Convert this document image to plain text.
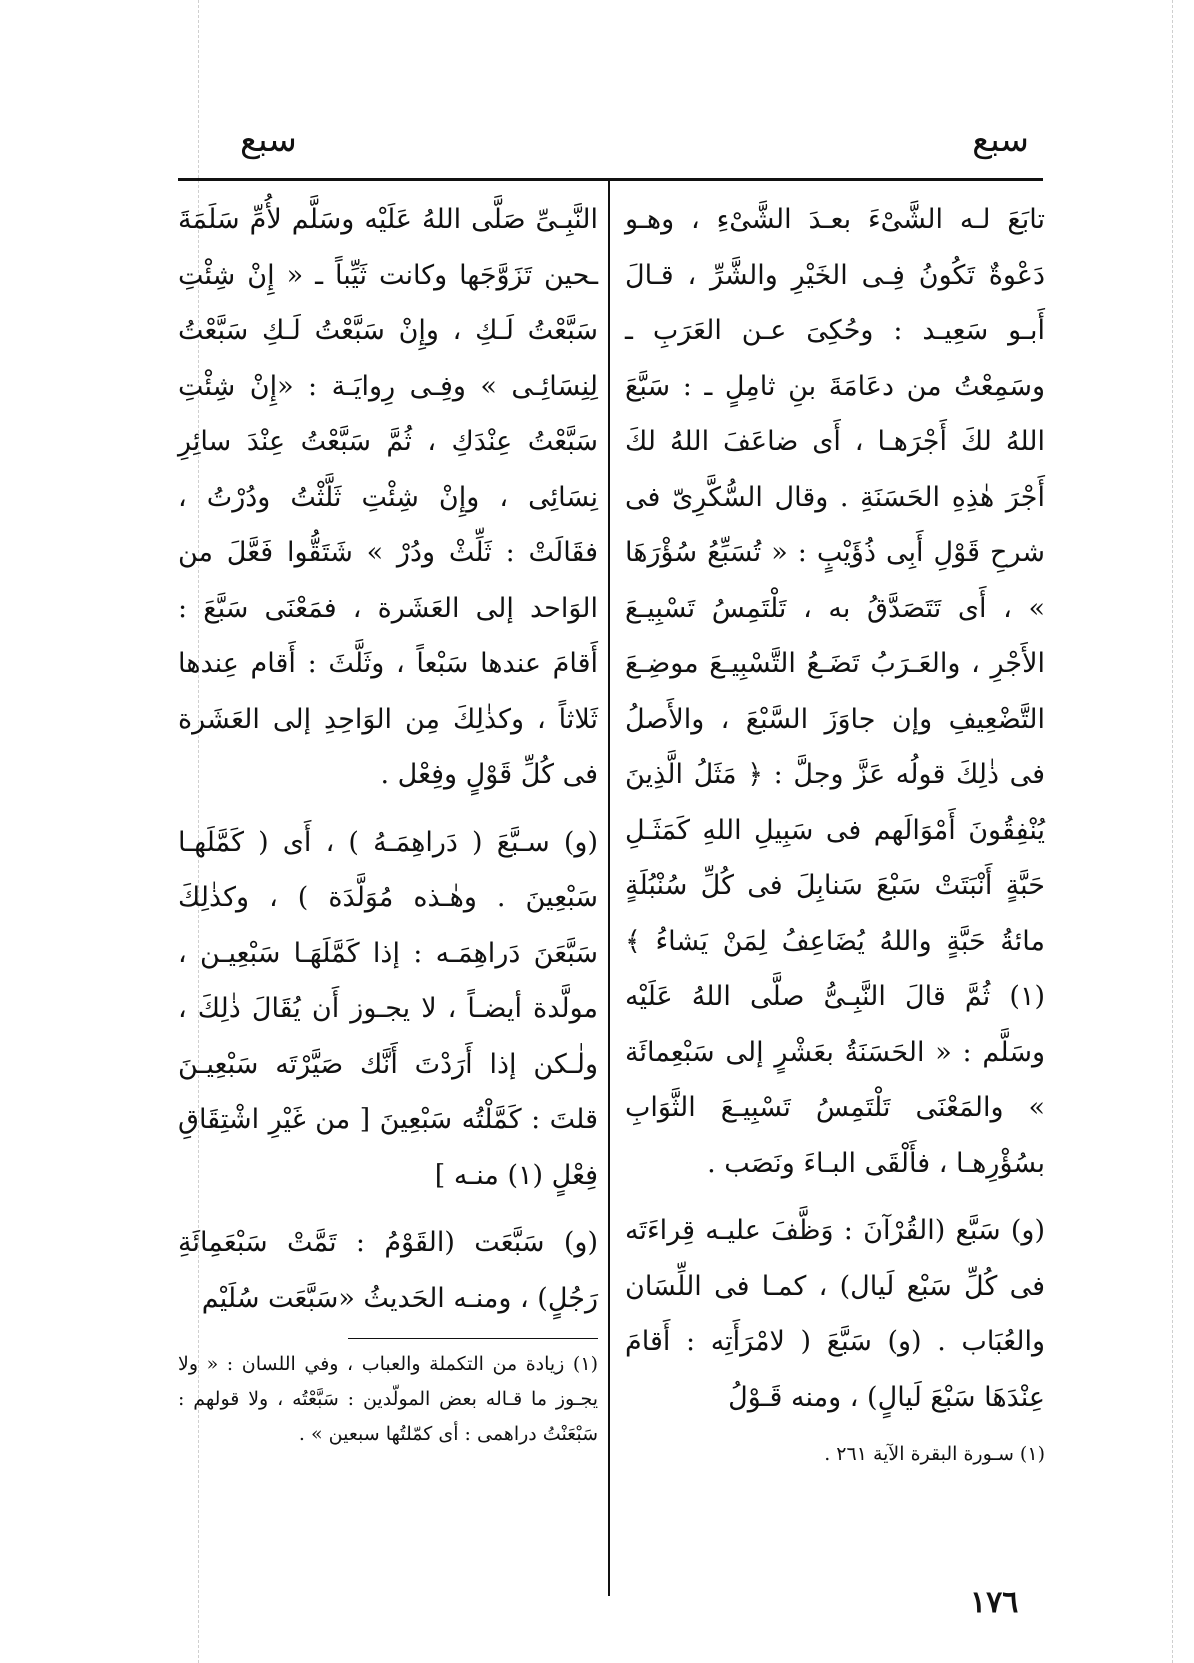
سبع	سبع

تابَعَ لـه الشَّىْءَ بعـدَ الشَّىْءِ ، وهـو دَعْوةٌ تَكُونُ فِـى الخَيْرِ والشَّرِّ ، قـالَ أَبـو سَعِيـد : وحُكِىَ عـن العَرَبِ ـ وسَمِعْتُ من دعَامَةَ بنِ ثامِلٍ ـ : سَبَّعَ اللهُ لكَ أَجْرَهـا ، أَى ضاعَفَ اللهُ لكَ أَجْرَ هٰذِهِ الحَسَنَةِ . وقال السُّكَّرِىّ فى شرحِ قَوْلِ أَبِى ذُؤَيْبٍ : « تُسَبِّعُ سُؤْرَهَا » ، أَى تَتَصَدَّقُ به ، تَلْتَمِسُ تَسْبِيـعَ الأَجْرِ ، والعَـرَبُ تَضَـعُ التَّسْبِيـعَ موضِـعَ التَّضْعِيفِ وإن جاوَزَ السَّبْعَ ، والأَصلُ فى ذٰلِكَ قولُه عَزَّ وجلَّ : ﴿ مَثَلُ الَّذِينَ يُنْفِقُونَ أَمْوَالَهم فى سَبِيلِ اللهِ كَمَثَـلِ حَبَّةٍ أَنْبَتَتْ سَبْعَ سَنابِلَ فى كُلِّ سُنْبُلَةٍ مائةُ حَبَّةٍ واللهُ يُضَاعِفُ لِمَنْ يَشاءُ ﴾ (١) ثُمَّ قالَ النَّبِـىُّ صلَّى اللهُ عَلَيْه وسَلَّم : « الحَسَنَةُ بعَشْرٍ إلى سَبْعِمائَة » والمَعْنَى تَلْتَمِسُ تَسْبِيـعَ الثَّوَابِ بسُؤْرِهـا ، فأَلْقَى البـاءَ ونَصَب .

(و) سَبَّع (القُرْآنَ : وَظَّفَ عليـه قِراءَتَه فى كُلِّ سَبْع لَيال) ، كمـا فى اللِّسَان والعُبَاب . (و) سَبَّعَ ( لامْرَأَتِه : أَقامَ عِنْدَهَا سَبْعَ لَيالٍ) ، ومنه قَـوْلُ

(١) سـورة البقرة الآية ٢٦١ .

النَّبِـىِّ صَلَّى اللهُ عَلَيْه وسَلَّم لأُمِّ سَلَمَةَ ـحين تَزَوَّجَها وكانت ثَيِّباً ـ « إِنْ شِئْتِ سَبَّعْتُ لَـكِ ، وإِنْ سَبَّعْتُ لَـكِ سَبَّعْتُ لِنِسَائِـى » وفِـى رِوايَـة : «إِنْ شِئْتِ سَبَّعْتُ عِنْدَكِ ، ثُمَّ سَبَّعْتُ عِنْدَ سائِرِ نِسَائِى ، وإِنْ شِئْتِ ثَلَّثْتُ ودُرْتُ ، فقَالَتْ : ثَلِّثْ ودُرْ » شَتَقُّوا فَعَّلَ من الوَاحد إلى العَشَرة ، فمَعْنَى سَبَّعَ : أَقامَ عندها سَبْعاً ، وثَلَّثَ : أَقام عِندها ثَلاثاً ، وكذٰلِكَ مِن الوَاحِدِ إلى العَشَرة فى كُلِّ قَوْلٍ وفِعْل .

(و) سـبَّعَ ( دَراهِمَـهُ ) ، أَى ( كَمَّلَهـا سَبْعِينَ . وهٰـذه مُوَلَّدَة ) ، وكذٰلِكَ سَبَّعَنَ دَراهِمَـه : إذا كَمَّلَهَـا سَبْعِيـن ، مولَّدة أيضـاً ، لا يجـوز أَن يُقَالَ ذٰلِكَ ، ولٰـكن إذا أَرَدْتَ أَنَّك صَيَّرْتَه سَبْعِيـنَ قلتَ : كَمَّلْتُه سَبْعِينَ [ من غَيْرِ اشْتِقَاقِ فِعْلٍ (١) منـه ]

(و) سَبَّعَت (القَوْمُ : تَمَّتْ سَبْعَمِائَةِ رَجُلٍ) ، ومنـه الحَديثُ «سَبَّعَت سُلَيْم

(١) زيادة من التكملة والعباب ، وفي اللسان : « ولا يجـوز ما قـاله بعض المولّدين : سَبَّعْتُه ، ولا قولهم : سَبْعَنْتُ دراهمى : أى كمّلتُها سبعين » .

١٧٦
